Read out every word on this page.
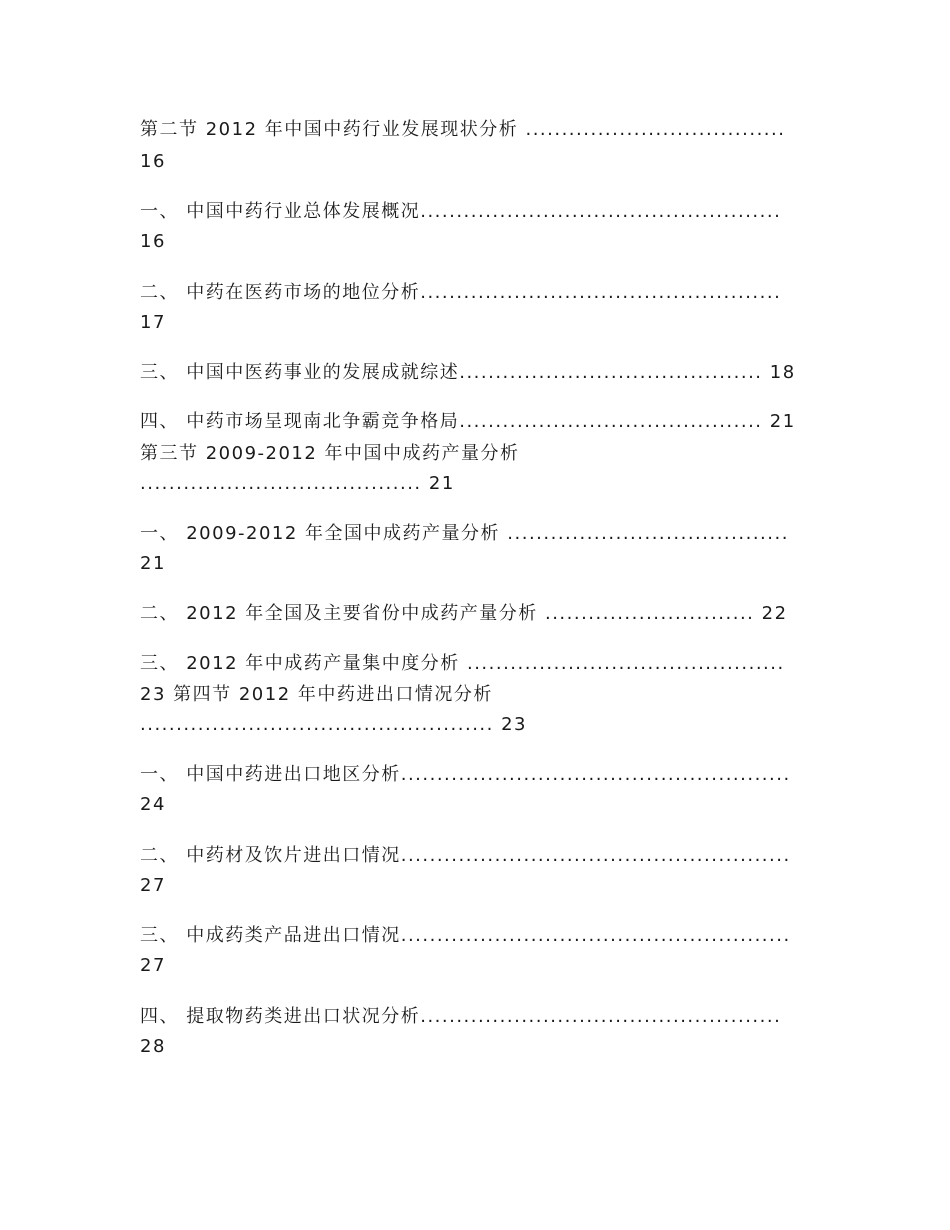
第二节 2012 年中国中药行业发展现状分析 ....................................

16

一、 中国中药行业总体发展概况..................................................

16

二、 中药在医药市场的地位分析..................................................

17

三、 中国中医药事业的发展成就综述.......................................... 18

四、 中药市场呈现南北争霸竞争格局.......................................... 21

第三节 2009-2012 年中国中成药产量分析

....................................... 21

一、 2009-2012 年全国中成药产量分析 .......................................

21

二、 2012 年全国及主要省份中成药产量分析 ............................. 22

三、 2012 年中成药产量集中度分析 ............................................

23 第四节 2012 年中药进出口情况分析

................................................. 23

一、 中国中药进出口地区分析......................................................

24

二、 中药材及饮片进出口情况......................................................

27

三、 中成药类产品进出口情况......................................................

27

四、 提取物药类进出口状况分析..................................................

28
